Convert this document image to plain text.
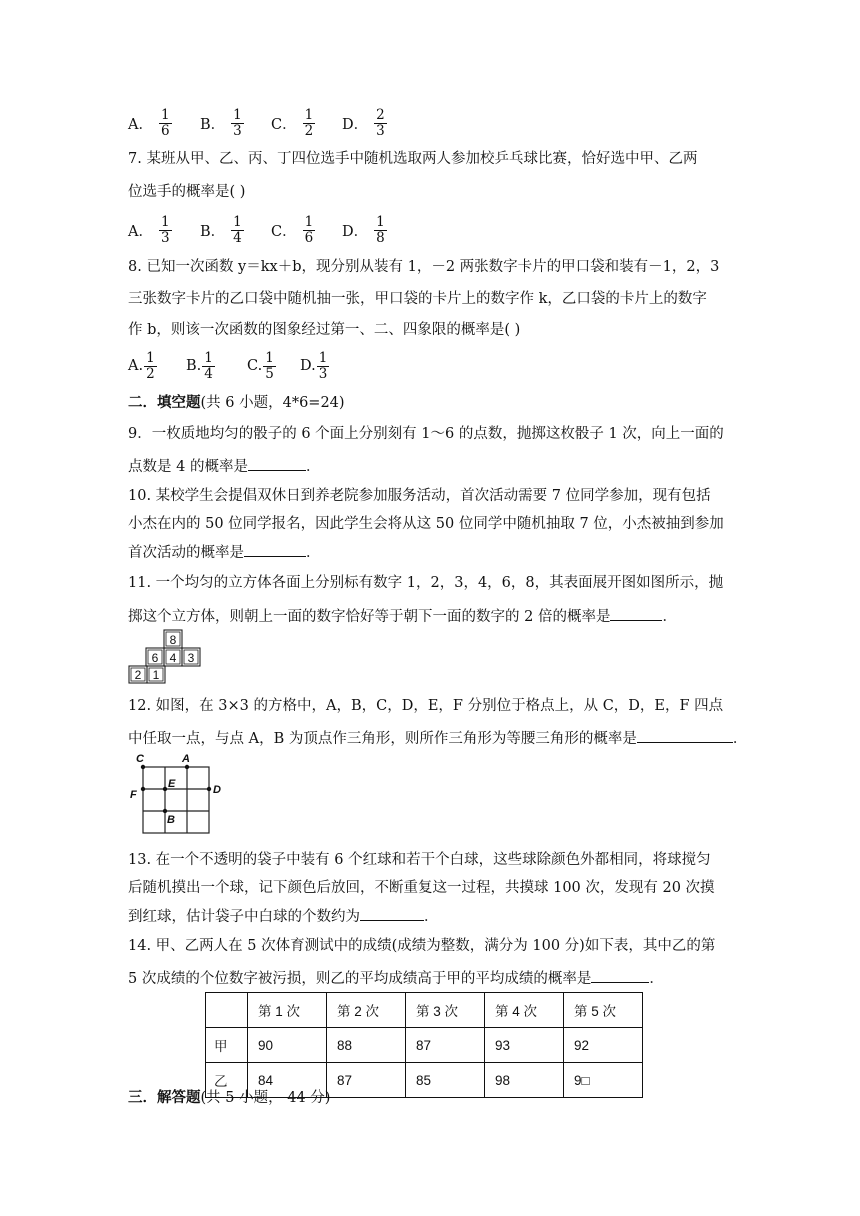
A． $\frac{1}{6}$ B． $\frac{1}{3}$ C． $\frac{1}{2}$ D． $\frac{2}{3}$
7. 某班从甲、乙、丙、丁四位选手中随机选取两人参加校乒乓球比赛，恰好选中甲、乙两
位选手的概率是( )
A． $\frac{1}{3}$ B． $\frac{1}{4}$ C． $\frac{1}{6}$ D． $\frac{1}{8}$
8. 已知一次函数 y＝kx＋b，现分别从装有 1，－2 两张数字卡片的甲口袋和装有－1，2，3
三张数字卡片的乙口袋中随机抽一张，甲口袋的卡片上的数字作 k，乙口袋的卡片上的数字
作 b，则该一次函数的图象经过第一、二、四象限的概率是( )
A. $\frac{1}{2} B$. $\frac{1}{4} C$. $\frac{1}{5} D$. $\frac{1}{3}$
二．填空题(共 6 小题，4*6=24)
9．一枚质地均匀的骰子的 6 个面上分别刻有 1～6 的点数，抛掷这枚骰子 1 次，向上一面的
点数是 4 的概率是	．
10. 某校学生会提倡双休日到养老院参加服务活动，首次活动需要 7 位同学参加，现有包括
小杰在内的 50 位同学报名，因此学生会将从这 50 位同学中随机抽取 7 位，小杰被抽到参加
首次活动的概率是	．
11. 一个均匀的立方体各面上分别标有数字 1，2，3，4，6，8，其表面展开图如图所示，抛
掷这个立方体，则朝上一面的数字恰好等于朝下一面的数字的 2 倍的概率是	．
8
6 4 3
2 1
12. 如图，在 3×3 的方格中，A，B，C，D，E，F 分别位于格点上，从 C，D，E，F 四点
中任取一点，与点 A，B 为顶点作三角形，则所作三角形为等腰三角形的概率是	．
C	A
E	D
F
B
13. 在一个不透明的袋子中装有 6 个红球和若干个白球，这些球除颜色外都相同，将球搅匀
后随机摸出一个球，记下颜色后放回，不断重复这一过程，共摸球 100 次，发现有 20 次摸
到红球，估计袋子中白球的个数约为	．
14. 甲、乙两人在 5 次体育测试中的成绩(成绩为整数，满分为 100 分)如下表，其中乙的第
5 次成绩的个位数字被污损，则乙的平均成绩高于甲的平均成绩的概率是	．
	第 1 次	第 2 次	第 3 次	第 4 次	第 5 次
甲	90	88	87	93	92
乙	84	87	85	98	9□
三．解答题(共 5 小题， 44 分)
